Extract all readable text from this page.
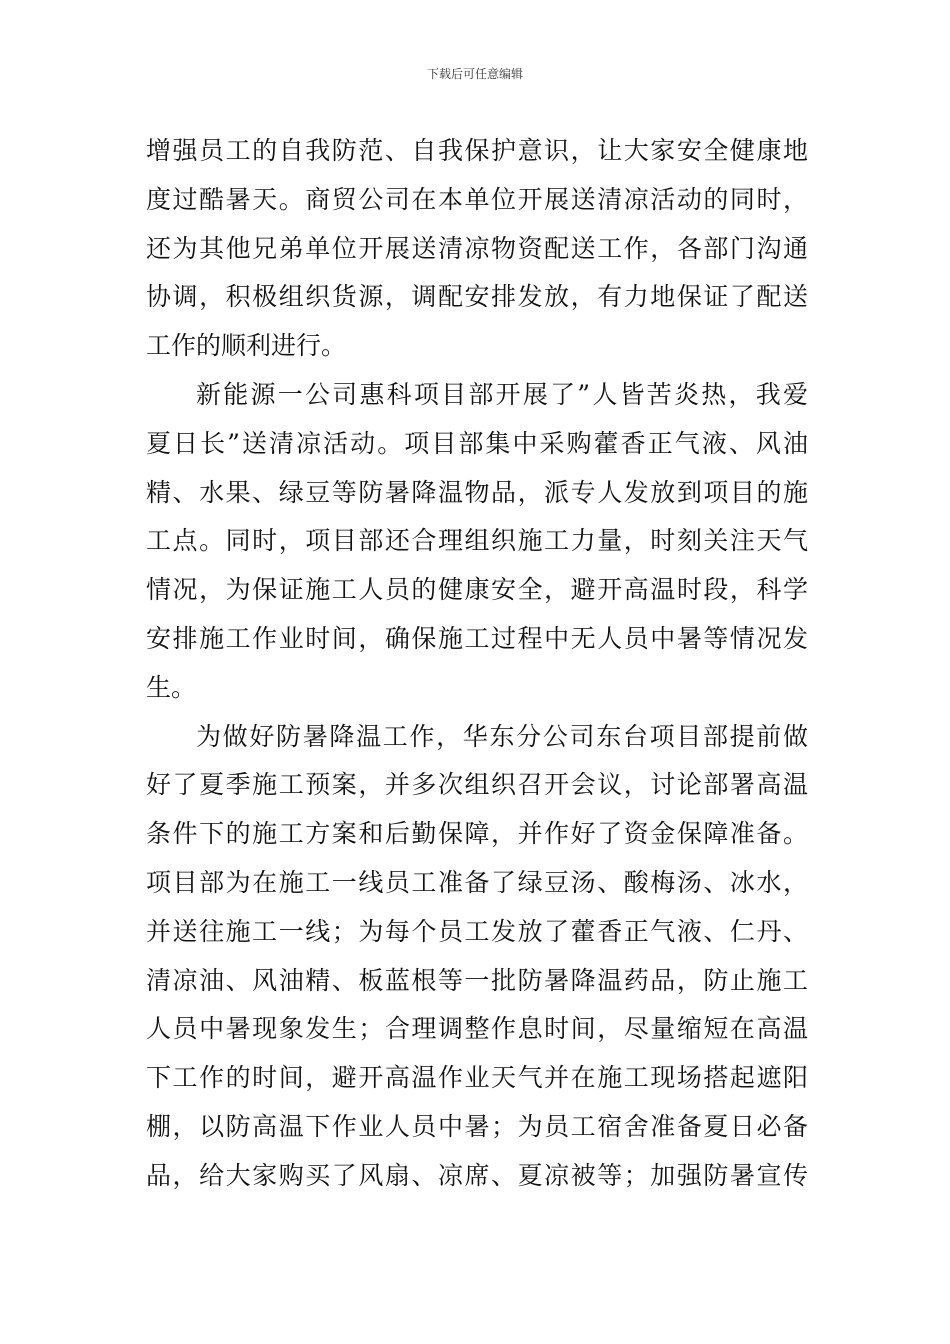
下载后可任意编辑
增强员工的自我防范、自我保护意识，让大家安全健康地
度过酷暑天。商贸公司在本单位开展送清凉活动的同时，
还为其他兄弟单位开展送清凉物资配送工作，各部门沟通
协调，积极组织货源，调配安排发放，有力地保证了配送
工作的顺利进行。
新能源一公司惠科项目部开展了”人皆苦炎热，我爱
夏日长”送清凉活动。项目部集中采购藿香正气液、风油
精、水果、绿豆等防暑降温物品，派专人发放到项目的施
工点。同时，项目部还合理组织施工力量，时刻关注天气
情况，为保证施工人员的健康安全，避开高温时段，科学
安排施工作业时间，确保施工过程中无人员中暑等情况发
生。
为做好防暑降温工作，华东分公司东台项目部提前做
好了夏季施工预案，并多次组织召开会议，讨论部署高温
条件下的施工方案和后勤保障，并作好了资金保障准备。
项目部为在施工一线员工准备了绿豆汤、酸梅汤、冰水，
并送往施工一线；为每个员工发放了藿香正气液、仁丹、
清凉油、风油精、板蓝根等一批防暑降温药品，防止施工
人员中暑现象发生；合理调整作息时间，尽量缩短在高温
下工作的时间，避开高温作业天气并在施工现场搭起遮阳
棚，以防高温下作业人员中暑；为员工宿舍准备夏日必备
品，给大家购买了风扇、凉席、夏凉被等；加强防暑宣传
